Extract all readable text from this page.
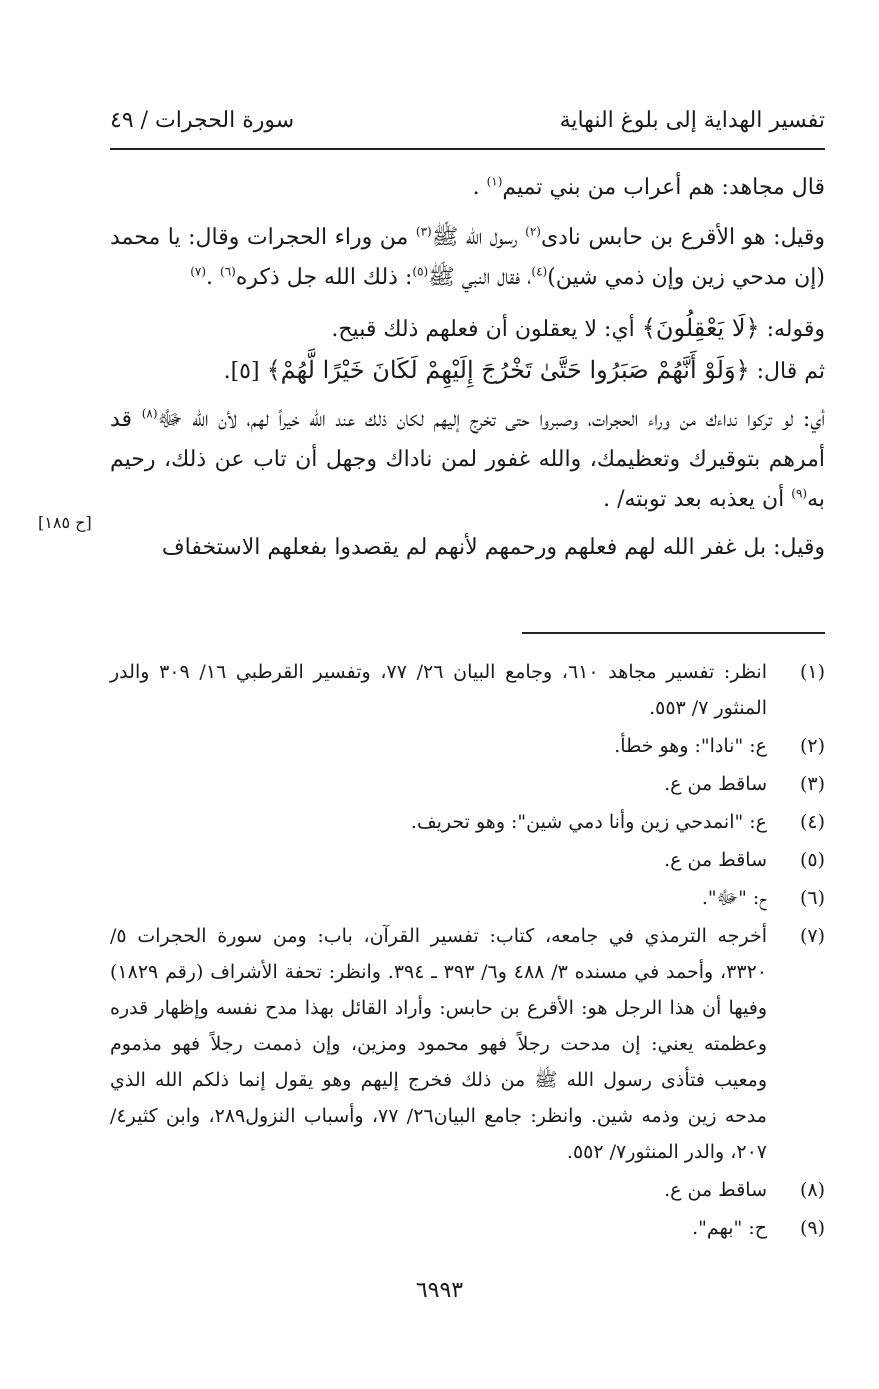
تفسير الهداية إلى بلوغ النهاية
سورة الحجرات / ٤٩

قال مجاهد: هم أعراب من بني تميم$^{(١)}$ .

وقيل: هو الأقرع بن حابس نادى$^{(٢)}$ رسول الله ﷺ$^{(٣)}$ من وراء الحجرات وقال: يا محمد (إن مدحي زين وإن ذمي شين)$^{(٤)}$، فقال النبي ﷺ$^{(٥)}$: ذلك الله جل ذكره$^{(٦)}$ .$^{(٧)}$

وقوله: ﴿لَا يَعْقِلُونَ﴾ أي: لا يعقلون أن فعلهم ذلك قبيح.

ثم قال: ﴿وَلَوْ أَنَّهُمْ صَبَرُوا حَتَّىٰ تَخْرُجَ إِلَيْهِمْ لَكَانَ خَيْرًا لَّهُمْ﴾ [٥].

أي: لو تركوا نداءك من وراء الحجرات، وصبروا حتى تخرج إليهم لكان ذلك عند الله خيراً لهم، لأن الله ﷻ$^{(٨)}$ قد أمرهم بتوقيرك وتعظيمك، والله غفور لمن ناداك وجهل أن تاب عن ذلك، رحيم به$^{(٩)}$ أن يعذبه بعد توبته/ .

وقيل: بل غفر الله لهم فعلهم ورحمهم لأنهم لم يقصدوا بفعلهم الاستخفاف

[ح ١٨٥]
(١)
انظر: تفسير مجاهد ٦١٠، وجامع البيان ٢٦/ ٧٧، وتفسير القرطبي ١٦/ ٣٠٩ والدر المنثور ٧/ ٥٥٣.
(٢)
ع: "نادا": وهو خطأ.
(٣)
ساقط من ع.
(٤)
ع: "انمدحي زين وأنا دمي شين": وهو تحريف.
(٥)
ساقط من ع.
(٦)
ح: "ﷻ".
(٧)
أخرجه الترمذي في جامعه، كتاب: تفسير القرآن، باب: ومن سورة الحجرات ٥/ ٣٣٢٠، وأحمد في مسنده ٣/ ٤٨٨ و٦/ ٣٩٣ ـ ٣٩٤. وانظر: تحفة الأشراف (رقم ١٨٢٩) وفيها أن هذا الرجل هو: الأقرع بن حابس: وأراد القائل بهذا مدح نفسه وإظهار قدره وعظمته يعني: إن مدحت رجلاً فهو محمود ومزين، وإن ذممت رجلاً فهو مذموم ومعيب فتأذى رسول الله ﷺ من ذلك فخرج إليهم وهو يقول إنما ذلكم الله الذي مدحه زين وذمه شين. وانظر: جامع البيان٢٦/ ٧٧، وأسباب النزول٢٨٩، وابن كثير٤/ ٢٠٧، والدر المنثور٧/ ٥٥٢.
(٨)
ساقط من ع.
(٩)
ح: "بهم".
٦٩٩٣
